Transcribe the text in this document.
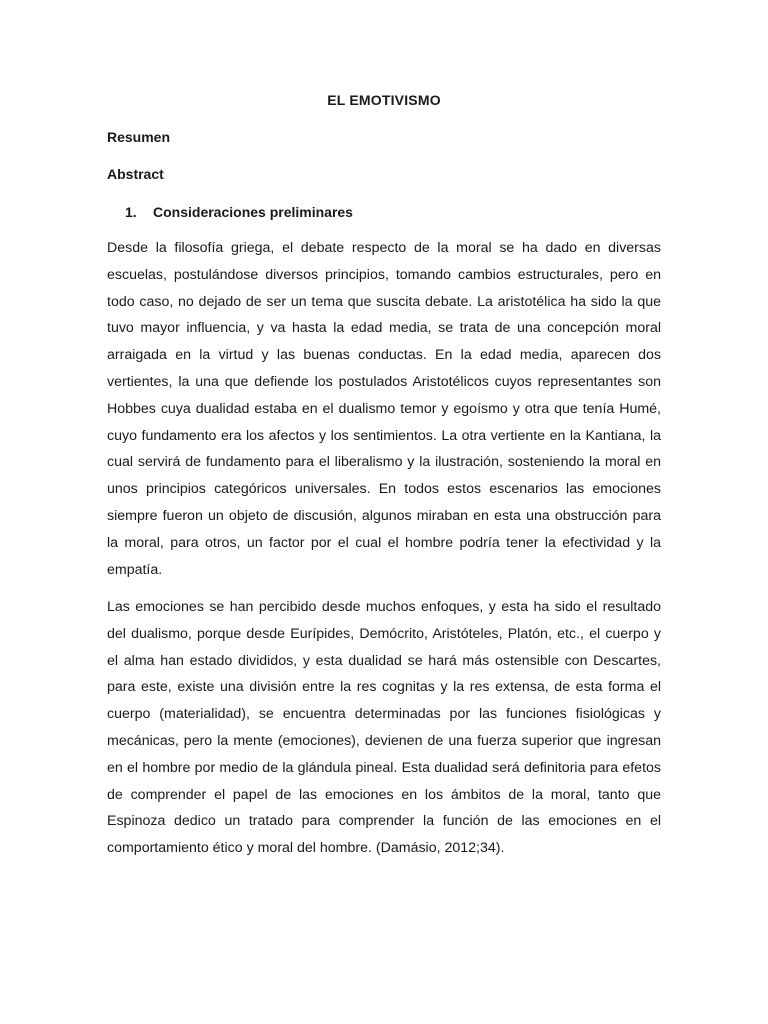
EL EMOTIVISMO
Resumen
Abstract
1. Consideraciones preliminares

Desde la filosofía griega, el debate respecto de la moral se ha dado en diversas escuelas, postulándose diversos principios, tomando cambios estructurales, pero en todo caso, no dejado de ser un tema que suscita debate. La aristotélica ha sido la que tuvo mayor influencia, y va hasta la edad media, se trata de una concepción moral arraigada en la virtud y las buenas conductas. En la edad media, aparecen dos vertientes, la una que defiende los postulados Aristotélicos cuyos representantes son Hobbes cuya dualidad estaba en el dualismo temor y egoísmo y otra que tenía Humé, cuyo fundamento era los afectos y los sentimientos. La otra vertiente en la Kantiana, la cual servirá de fundamento para el liberalismo y la ilustración, sosteniendo la moral en unos principios categóricos universales. En todos estos escenarios las emociones siempre fueron un objeto de discusión, algunos miraban en esta una obstrucción para la moral, para otros, un factor por el cual el hombre podría tener la efectividad y la empatía.

Las emociones se han percibido desde muchos enfoques, y esta ha sido el resultado del dualismo, porque desde Eurípides, Demócrito, Aristóteles, Platón, etc., el cuerpo y el alma han estado divididos, y esta dualidad se hará más ostensible con Descartes, para este, existe una división entre la res cognitas y la res extensa, de esta forma el cuerpo (materialidad), se encuentra determinadas por las funciones fisiológicas y mecánicas, pero la mente (emociones), devienen de una fuerza superior que ingresan en el hombre por medio de la glándula pineal. Esta dualidad será definitoria para efetos de comprender el papel de las emociones en los ámbitos de la moral, tanto que Espinoza dedico un tratado para comprender la función de las emociones en el comportamiento ético y moral del hombre. (Damásio, 2012;34).
